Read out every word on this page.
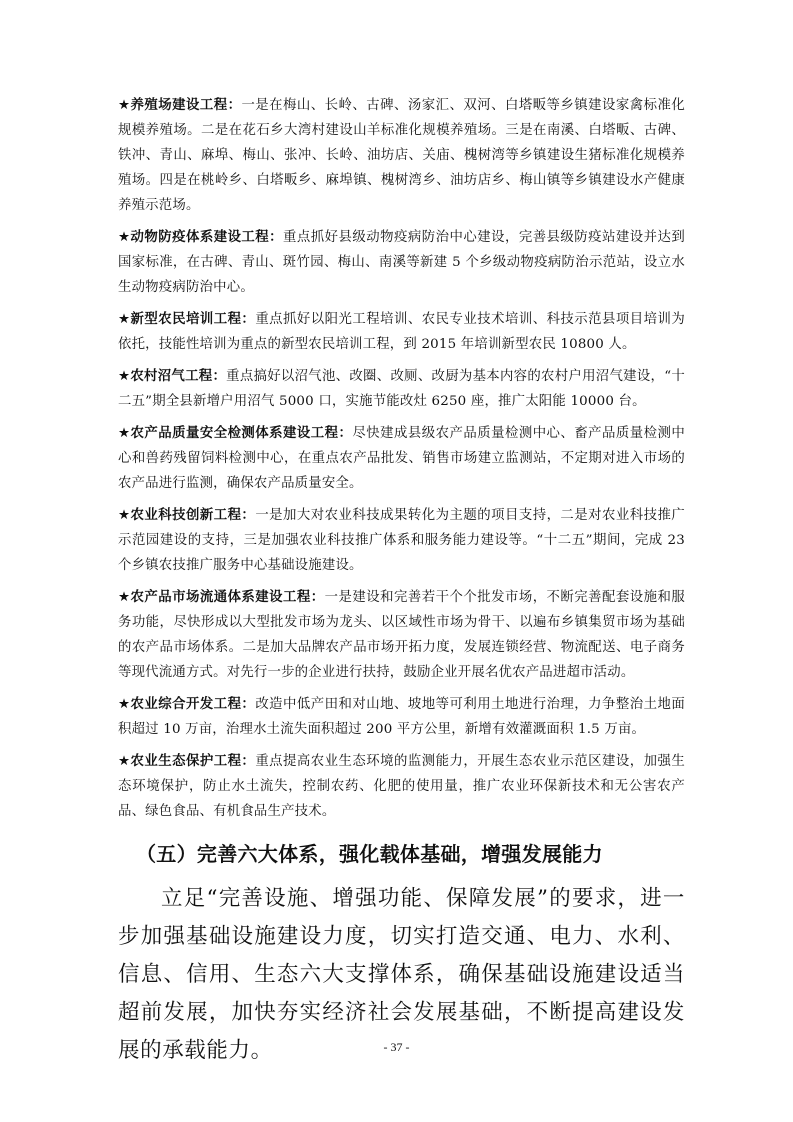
★养殖场建设工程：一是在梅山、长岭、古碑、汤家汇、双河、白塔畈等乡镇建设家禽标准化规模养殖场。二是在花石乡大湾村建设山羊标准化规模养殖场。三是在南溪、白塔畈、古碑、铁冲、青山、麻埠、梅山、张冲、长岭、油坊店、关庙、槐树湾等乡镇建设生猪标准化规模养殖场。四是在桃岭乡、白塔畈乡、麻埠镇、槐树湾乡、油坊店乡、梅山镇等乡镇建设水产健康养殖示范场。

★动物防疫体系建设工程：重点抓好县级动物疫病防治中心建设，完善县级防疫站建设并达到国家标准，在古碑、青山、斑竹园、梅山、南溪等新建 5 个乡级动物疫病防治示范站，设立水生动物疫病防治中心。

★新型农民培训工程：重点抓好以阳光工程培训、农民专业技术培训、科技示范县项目培训为依托，技能性培训为重点的新型农民培训工程，到 2015 年培训新型农民 10800 人。

★农村沼气工程：重点搞好以沼气池、改圈、改厕、改厨为基本内容的农村户用沼气建设，“十二五”期全县新增户用沼气 5000 口，实施节能改灶 6250 座，推广太阳能 10000 台。

★农产品质量安全检测体系建设工程：尽快建成县级农产品质量检测中心、畜产品质量检测中心和兽药残留饲料检测中心，在重点农产品批发、销售市场建立监测站，不定期对进入市场的农产品进行监测，确保农产品质量安全。

★农业科技创新工程：一是加大对农业科技成果转化为主题的项目支持，二是对农业科技推广示范园建设的支持，三是加强农业科技推广体系和服务能力建设等。“十二五”期间，完成 23 个乡镇农技推广服务中心基础设施建设。

★农产品市场流通体系建设工程：一是建设和完善若干个个批发市场，不断完善配套设施和服务功能，尽快形成以大型批发市场为龙头、以区域性市场为骨干、以遍布乡镇集贸市场为基础的农产品市场体系。二是加大品牌农产品市场开拓力度，发展连锁经营、物流配送、电子商务等现代流通方式。对先行一步的企业进行扶持，鼓励企业开展名优农产品进超市活动。

★农业综合开发工程：改造中低产田和对山地、坡地等可利用土地进行治理，力争整治土地面积超过 10 万亩，治理水土流失面积超过 200 平方公里，新增有效灌溉面积 1.5 万亩。

★农业生态保护工程：重点提高农业生态环境的监测能力，开展生态农业示范区建设，加强生态环境保护，防止水土流失，控制农药、化肥的使用量，推广农业环保新技术和无公害农产品、绿色食品、有机食品生产技术。

（五）完善六大体系，强化载体基础，增强发展能力

立足“完善设施、增强功能、保障发展”的要求，进一步加强基础设施建设力度，切实打造交通、电力、水利、信息、信用、生态六大支撑体系，确保基础设施建设适当超前发展，加快夯实经济社会发展基础，不断提高建设发展的承载能力。	- 37 -
